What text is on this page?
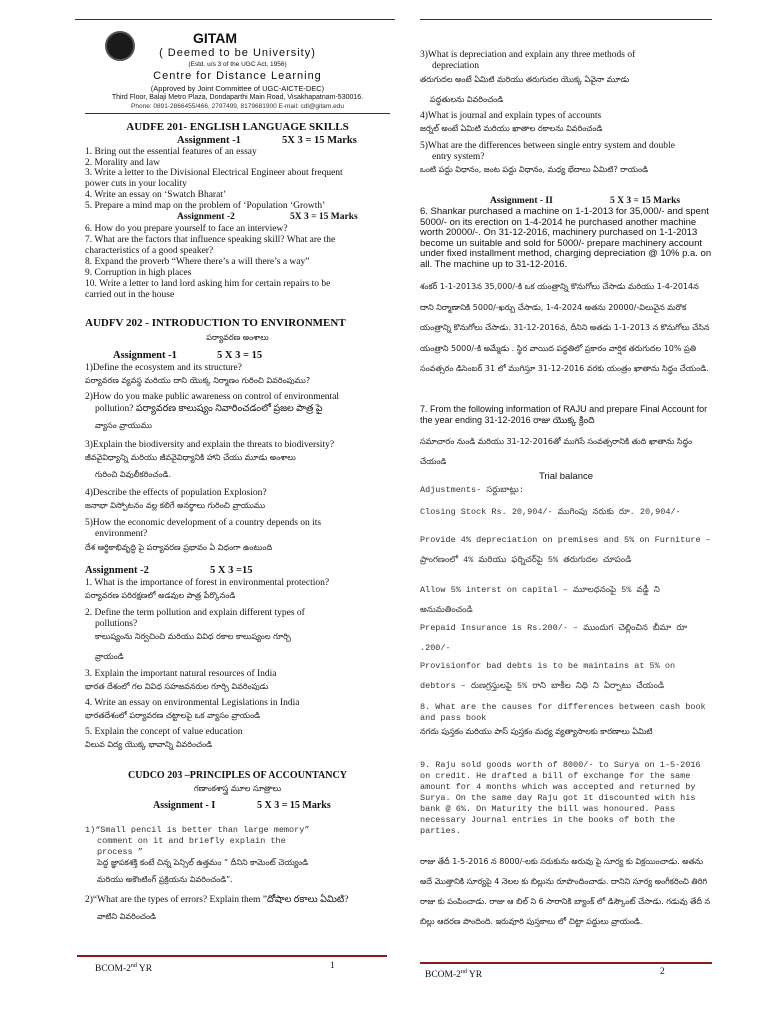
GITAM
( Deemed to be University)
(Estd. u/s 3 of the UGC Act, 1956)
Centre for Distance Learning
(Approved by Joint Committee of UGC-AICTE-DEC)
Third Floor, Balaji Metro Plaza, Dondaparthi Main Road, Visakhapatnam-530016.
Phone: 0891-2866455/466, 2797499, 8179681900 E-mail: cdl@gitam.edu
AUDFE 201- ENGLISH LANGUAGE SKILLS
Assignment -1	5X 3 = 15 Marks
1. Bring out the essential features of an essay
2. Morality and law
3. Write a letter to the Divisional Electrical Engineer about frequent
power cuts in your locality
4. Write an essay on ‘Swatch Bharat’
5. Prepare a mind map on the problem of ‘Population ‘Growth’
Assignment -2	5X 3 = 15 Marks
6. How do you prepare yourself to face an interview?
7. What are the factors that influence speaking skill? What are the
characteristics of a good speaker?
8. Expand the proverb “Where there’s a will there’s a way”
9. Corruption in high places
10. Write a letter to land lord asking him for certain repairs to be
carried out in the house
AUDFV 202 - INTRODUCTION TO ENVIRONMENT
పర్యావరణ అంశాలు
Assignment -1	5 X 3 = 15
1)Define the ecosystem and its structure?
పర్యావరణ వ్యవస్థ మరియు దాని యొక్క నిర్మాణం గురించి వివరింపుము?
2)How do you make public awareness on control of environmental
pollution? పర్యావరణ కాలుష్యం నివారించడంలో ప్రజల పాత్ర పై
వ్యాసం వ్రాయుము
3)Explain the biodiversity and explain the threats to biodiversity?
జీవవైవిధ్యాన్ని మరియు జీవవైవిధ్యానికి హాని చేయు మూడు అంశాలు
గురించి వివులీకరించండి.
4)Describe the effects of population Explosion?
జనాభా విస్పోటనం వల్ల కలిగే అనర్థాలు గురించి వ్రాయుము
5)How the economic development of a country depends on its
environment?
దేశ ఆర్థికాభివృద్ధి పై పర్యావరణ ప్రభావం ఏ విధంగా ఉంటుంది
Assignment -2	5 X 3 =15
1. What is the importance of forest in environmental protection?
పర్యావరణ పరిరక్షణలో అడవుల పాత్ర పేర్కొనండి
2. Define the term pollution and explain different types of
pollutions?
కాలుష్యంను నిర్వచించి మరియు వివిధ రకాల కాలుష్యంల గూర్చి
వ్రాయండి
3. Explain the important natural resources of India
భారత దేశంలో గల వివిధ సహజవనరుల గూర్చి వివరింపుడు
4. Write an essay on environmental Legislations in India
భారతదేశంలో పర్యావరణ చట్టాలపై ఒక వ్యాసం వ్రాయండి
5. Explain the concept of value education
విలువ విద్య యొక్క భావాన్ని వివరించండి
CUDCO 203 –PRINCIPLES OF ACCOUNTANCY
గణాంకశాస్త్ర మూల సూత్రాలు
Assignment - I	5 X 3 = 15 Marks
1)“Small pencil is better than large memory”
comment on it and briefly explain the
process ”
పెద్ద జ్ఞాపకశక్తి కంటే చిన్న పెన్సిల్ ఉత్తమం ” దీనిని కామెంట్ చెయ్యండి
మరియు అకౌంటింగ్ ప్రక్రియను వివరించండి”.
2)“What are the types of errors? Explain them ”దోషాల రకాలు ఏమిటి?
వాటిని వివరించండి
BCOM-2nd YR	1
3)What is depreciation and explain any three methods of
depreciation
తరుగుదల అంటే ఏమిటి మరియు తరుగుదల యొక్క ఏవైనా మూడు
పద్ధతులను వివరించండి
4)What is journal and explain types of accounts
జర్నల్ అంటే ఏమిటి మరియు ఖాతాల రకాలను వివరించండి
5)What are the differences between single entry system and double
entry system?
ఒంటి పద్దు విధానం, జంట పద్దు విధానం, మధ్య భేదాలు ఏమిటి? రాయండి
Assignment - II	5 X 3 = 15 Marks
6. Shankar purchased a machine on 1-1-2013 for 35,000/- and spent 5000/- on its erection on 1-4-2014 he purchased another machine worth 20000/-. On 31-12-2016, machinery purchased on 1-1-2013 become un suitable and sold for 5000/- prepare machinery account under fixed installment method, charging depreciation @ 10% p.a. on all. The machine up to 31-12-2016.
శంకర్ 1-1-2013న 35,000/-కి ఒక యంత్రాన్ని కొనుగోలు చేసాడు మరియు 1-4-2014న దాని నిర్మాణానికి 5000/-ఖర్చు చేసాడు, 1-4-2024 అతను 20000/-విలువైన మరొక యంత్రాన్ని కొనుగోలు చేసాడు. 31-12-2016న, దీనిని అతడు 1-1-2013 న కొనుగోలు చేసిన యంత్రాని 5000/-కి అమ్మేడు . స్థిర వాయిద పద్ధతిలో ప్రకారం వార్షిక తరుగుదల 10% ప్రతి సంవత్సరం డిసెంబర్ 31 లో ముగిస్తూ 31-12-2016 వరకు యంత్రం ఖాతాను సిద్ధం చేయండి.
7. From the following information of RAJU and prepare Final Account for the year ending 31-12-2016 రాజు యొక్క క్రింది
సమాచారం నుండి మరియు 31-12-2016తో ముగిసే సంవత్సరానికి తుది ఖాతాను సిద్ధం చేయండి
Trial balance
Adjustments- సర్దుబాట్లు:
Closing Stock Rs. 20,904/- ముగింపు నరుకు రూ. 20,904/-
Provide 4% depreciation on premises and 5% on Furniture – ప్రాంగణంలో 4% మరియు ఫర్నిచర్‌పై 5% తరుగుదల చూపండి
Allow 5% interst on capital – మూలధనంపై 5% వడ్డీ ని అనుమతించండి
Prepaid Insurance is Rs.200/- – ముందుగ చెల్లించిన బీమా రూ .200/-
Provisionfor bad debts is to be maintains at 5% on debtors – రుణగ్రస్తులపై 5% రాని బాకీల నిధి ని ఏర్పాటు చేయండి
8. What are the causes for differences between cash book and pass book
నగదు పుస్తకం మరియు పాస్ పుస్తకం మధ్య వ్యత్యాసాలకు కారణాలు ఏమిటి
9. Raju sold goods worth of 8000/- to Surya on 1-5-2016 on credit. He drafted a bill of exchange for the same amount for 4 months which was accepted and returned by Surya. On the same day Raju got it discounted with his bank @ 6%. On Maturity the bill was honoured. Pass necessary Journal entries in the books of both the parties.
రాజు తేదీ 1-5-2016 న 8000/-లకు సరుకును అరువు పై సూర్య కు విక్రయించాడు. అతను అదే మొత్తానికి సూర్యపై 4 నెలల కు బిల్లును రూపొందించాడు. దానిని సూర్య అంగీకరించి తిరిగి రాజు కు పంపించాడు. రాజు ఆ బిల్ ని 6 సారానికి బ్యాంక్ లో డిస్కౌంట్ చేసాడు. గడువు తేదీ న బిల్లు ఆదరణ పొందింది. ఇరువూరి పుస్తకాలు లో చిట్టా పద్దులు వ్రాయండి.
BCOM-2nd YR	2
